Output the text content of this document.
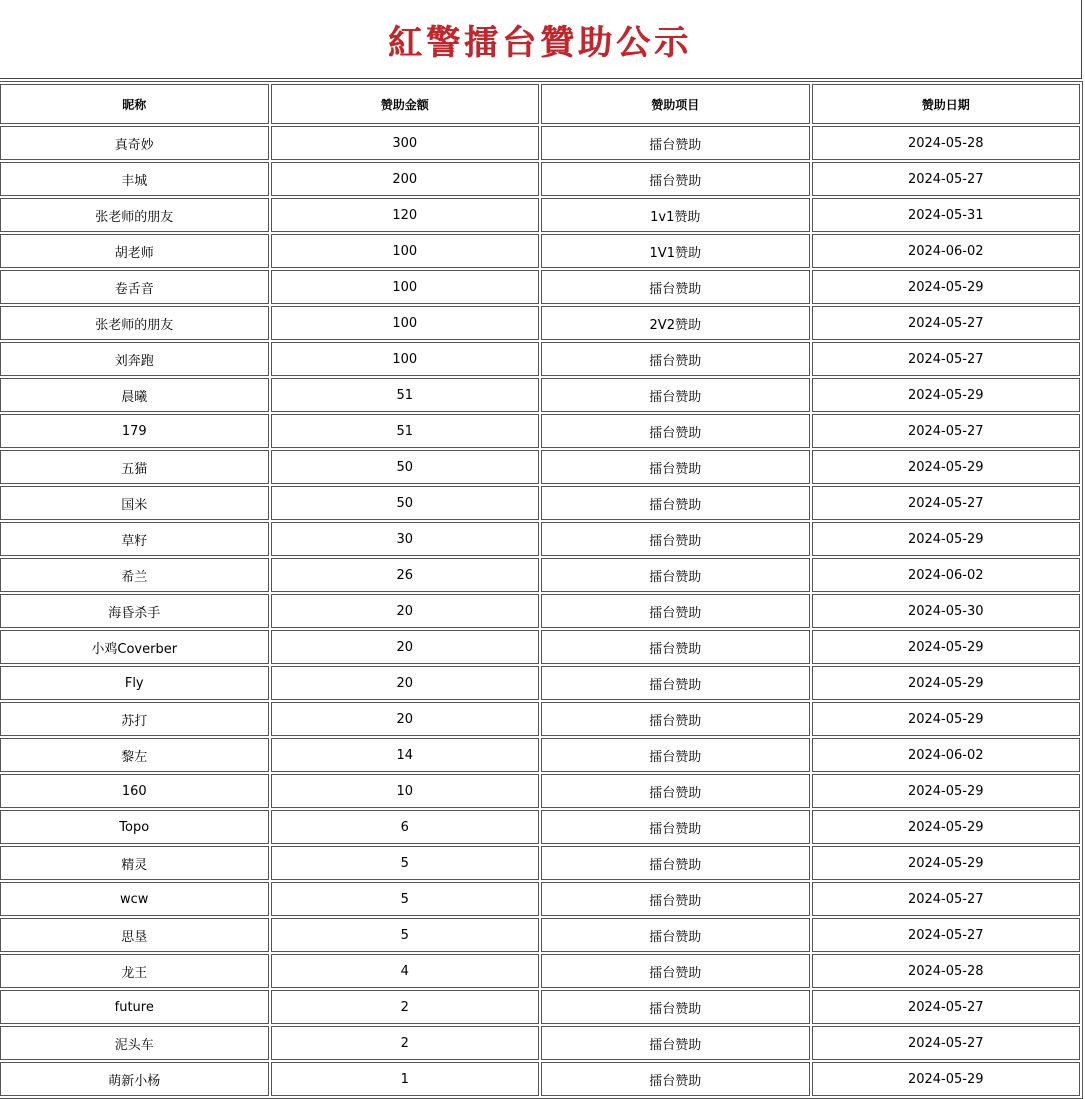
紅警擂台贊助公示
昵称	赞助金额	赞助项目	赞助日期
真奇妙	300	擂台赞助	2024-05-28
丰城	200	擂台赞助	2024-05-27
张老师的朋友	120	1v1赞助	2024-05-31
胡老师	100	1V1赞助	2024-06-02
卷舌音	100	擂台赞助	2024-05-29
张老师的朋友	100	2V2赞助	2024-05-27
刘奔跑	100	擂台赞助	2024-05-27
晨曦	51	擂台赞助	2024-05-29
179	51	擂台赞助	2024-05-27
五猫	50	擂台赞助	2024-05-29
国米	50	擂台赞助	2024-05-27
草籽	30	擂台赞助	2024-05-29
希兰	26	擂台赞助	2024-06-02
海昏杀手	20	擂台赞助	2024-05-30
小鸡Coverber	20	擂台赞助	2024-05-29
Fly	20	擂台赞助	2024-05-29
苏打	20	擂台赞助	2024-05-29
黎左	14	擂台赞助	2024-06-02
160	10	擂台赞助	2024-05-29
Topo	6	擂台赞助	2024-05-29
精灵	5	擂台赞助	2024-05-29
wcw	5	擂台赞助	2024-05-27
思垦	5	擂台赞助	2024-05-27
龙王	4	擂台赞助	2024-05-28
future	2	擂台赞助	2024-05-27
泥头车	2	擂台赞助	2024-05-27
萌新小杨	1	擂台赞助	2024-05-29
